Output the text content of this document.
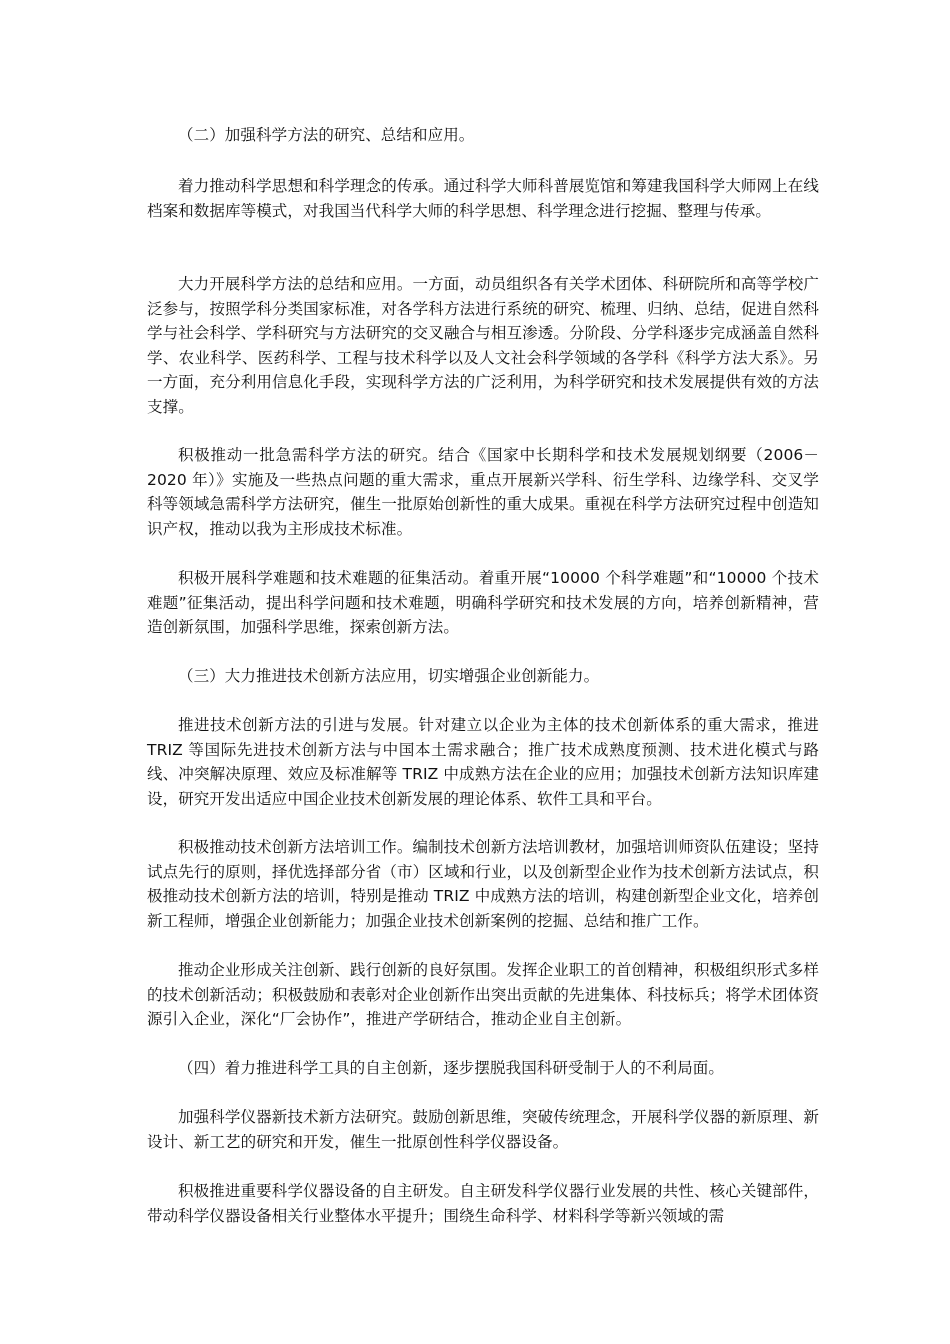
（二）加强科学方法的研究、总结和应用。

着力推动科学思想和科学理念的传承。通过科学大师科普展览馆和筹建我国科学大师网上在线档案和数据库等模式，对我国当代科学大师的科学思想、科学理念进行挖掘、整理与传承。

大力开展科学方法的总结和应用。一方面，动员组织各有关学术团体、科研院所和高等学校广泛参与，按照学科分类国家标准，对各学科方法进行系统的研究、梳理、归纳、总结，促进自然科学与社会科学、学科研究与方法研究的交叉融合与相互渗透。分阶段、分学科逐步完成涵盖自然科学、农业科学、医药科学、工程与技术科学以及人文社会科学领域的各学科《科学方法大系》。另一方面，充分利用信息化手段，实现科学方法的广泛利用，为科学研究和技术发展提供有效的方法支撑。

积极推动一批急需科学方法的研究。结合《国家中长期科学和技术发展规划纲要（2006－2020 年）》实施及一些热点问题的重大需求，重点开展新兴学科、衍生学科、边缘学科、交叉学科等领域急需科学方法研究，催生一批原始创新性的重大成果。重视在科学方法研究过程中创造知识产权，推动以我为主形成技术标准。

积极开展科学难题和技术难题的征集活动。着重开展“10000 个科学难题”和“10000 个技术难题”征集活动，提出科学问题和技术难题，明确科学研究和技术发展的方向，培养创新精神，营造创新氛围，加强科学思维，探索创新方法。

（三）大力推进技术创新方法应用，切实增强企业创新能力。

推进技术创新方法的引进与发展。针对建立以企业为主体的技术创新体系的重大需求，推进 TRIZ 等国际先进技术创新方法与中国本土需求融合；推广技术成熟度预测、技术进化模式与路线、冲突解决原理、效应及标准解等 TRIZ 中成熟方法在企业的应用；加强技术创新方法知识库建设，研究开发出适应中国企业技术创新发展的理论体系、软件工具和平台。

积极推动技术创新方法培训工作。编制技术创新方法培训教材，加强培训师资队伍建设；坚持试点先行的原则，择优选择部分省（市）区域和行业，以及创新型企业作为技术创新方法试点，积极推动技术创新方法的培训，特别是推动 TRIZ 中成熟方法的培训，构建创新型企业文化，培养创新工程师，增强企业创新能力；加强企业技术创新案例的挖掘、总结和推广工作。

推动企业形成关注创新、践行创新的良好氛围。发挥企业职工的首创精神，积极组织形式多样的技术创新活动；积极鼓励和表彰对企业创新作出突出贡献的先进集体、科技标兵；将学术团体资源引入企业，深化“厂会协作”，推进产学研结合，推动企业自主创新。

（四）着力推进科学工具的自主创新，逐步摆脱我国科研受制于人的不利局面。

加强科学仪器新技术新方法研究。鼓励创新思维，突破传统理念，开展科学仪器的新原理、新设计、新工艺的研究和开发，催生一批原创性科学仪器设备。

积极推进重要科学仪器设备的自主研发。自主研发科学仪器行业发展的共性、核心关键部件，带动科学仪器设备相关行业整体水平提升；围绕生命科学、材料科学等新兴领域的需
